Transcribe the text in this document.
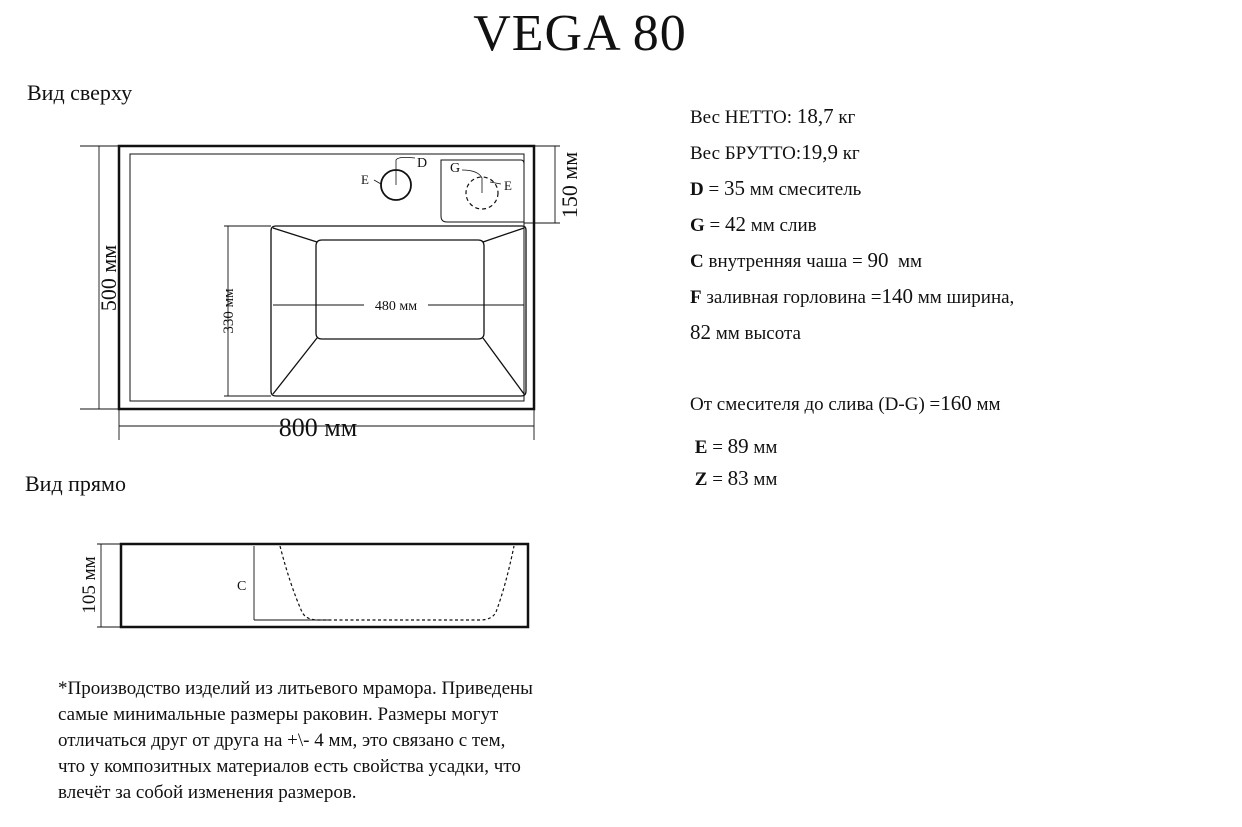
VEGA 80
Вид сверху
Вид прямо
500 мм
800 мм
150 мм
330 мм	480 мм
105 мм
D G
E	E
C
Вес НЕТТО: 18,7 кг
Вес БРУТТО:19,9 кг
D = 35 мм смеситель
G = 42 мм слив
C внутренняя чаша = 90 мм
F заливная горловина =140 мм ширина,
82 мм высота
От смесителя до слива (D-G) =160 мм
E = 89 мм
Z = 83 мм
*Производство изделий из литьевого мрамора. Приведены
самые минимальные размеры раковин. Размеры могут
отличаться друг от друга на +\- 4 мм, это связано с тем,
что у композитных материалов есть свойства усадки, что
влечёт за собой изменения размеров.
